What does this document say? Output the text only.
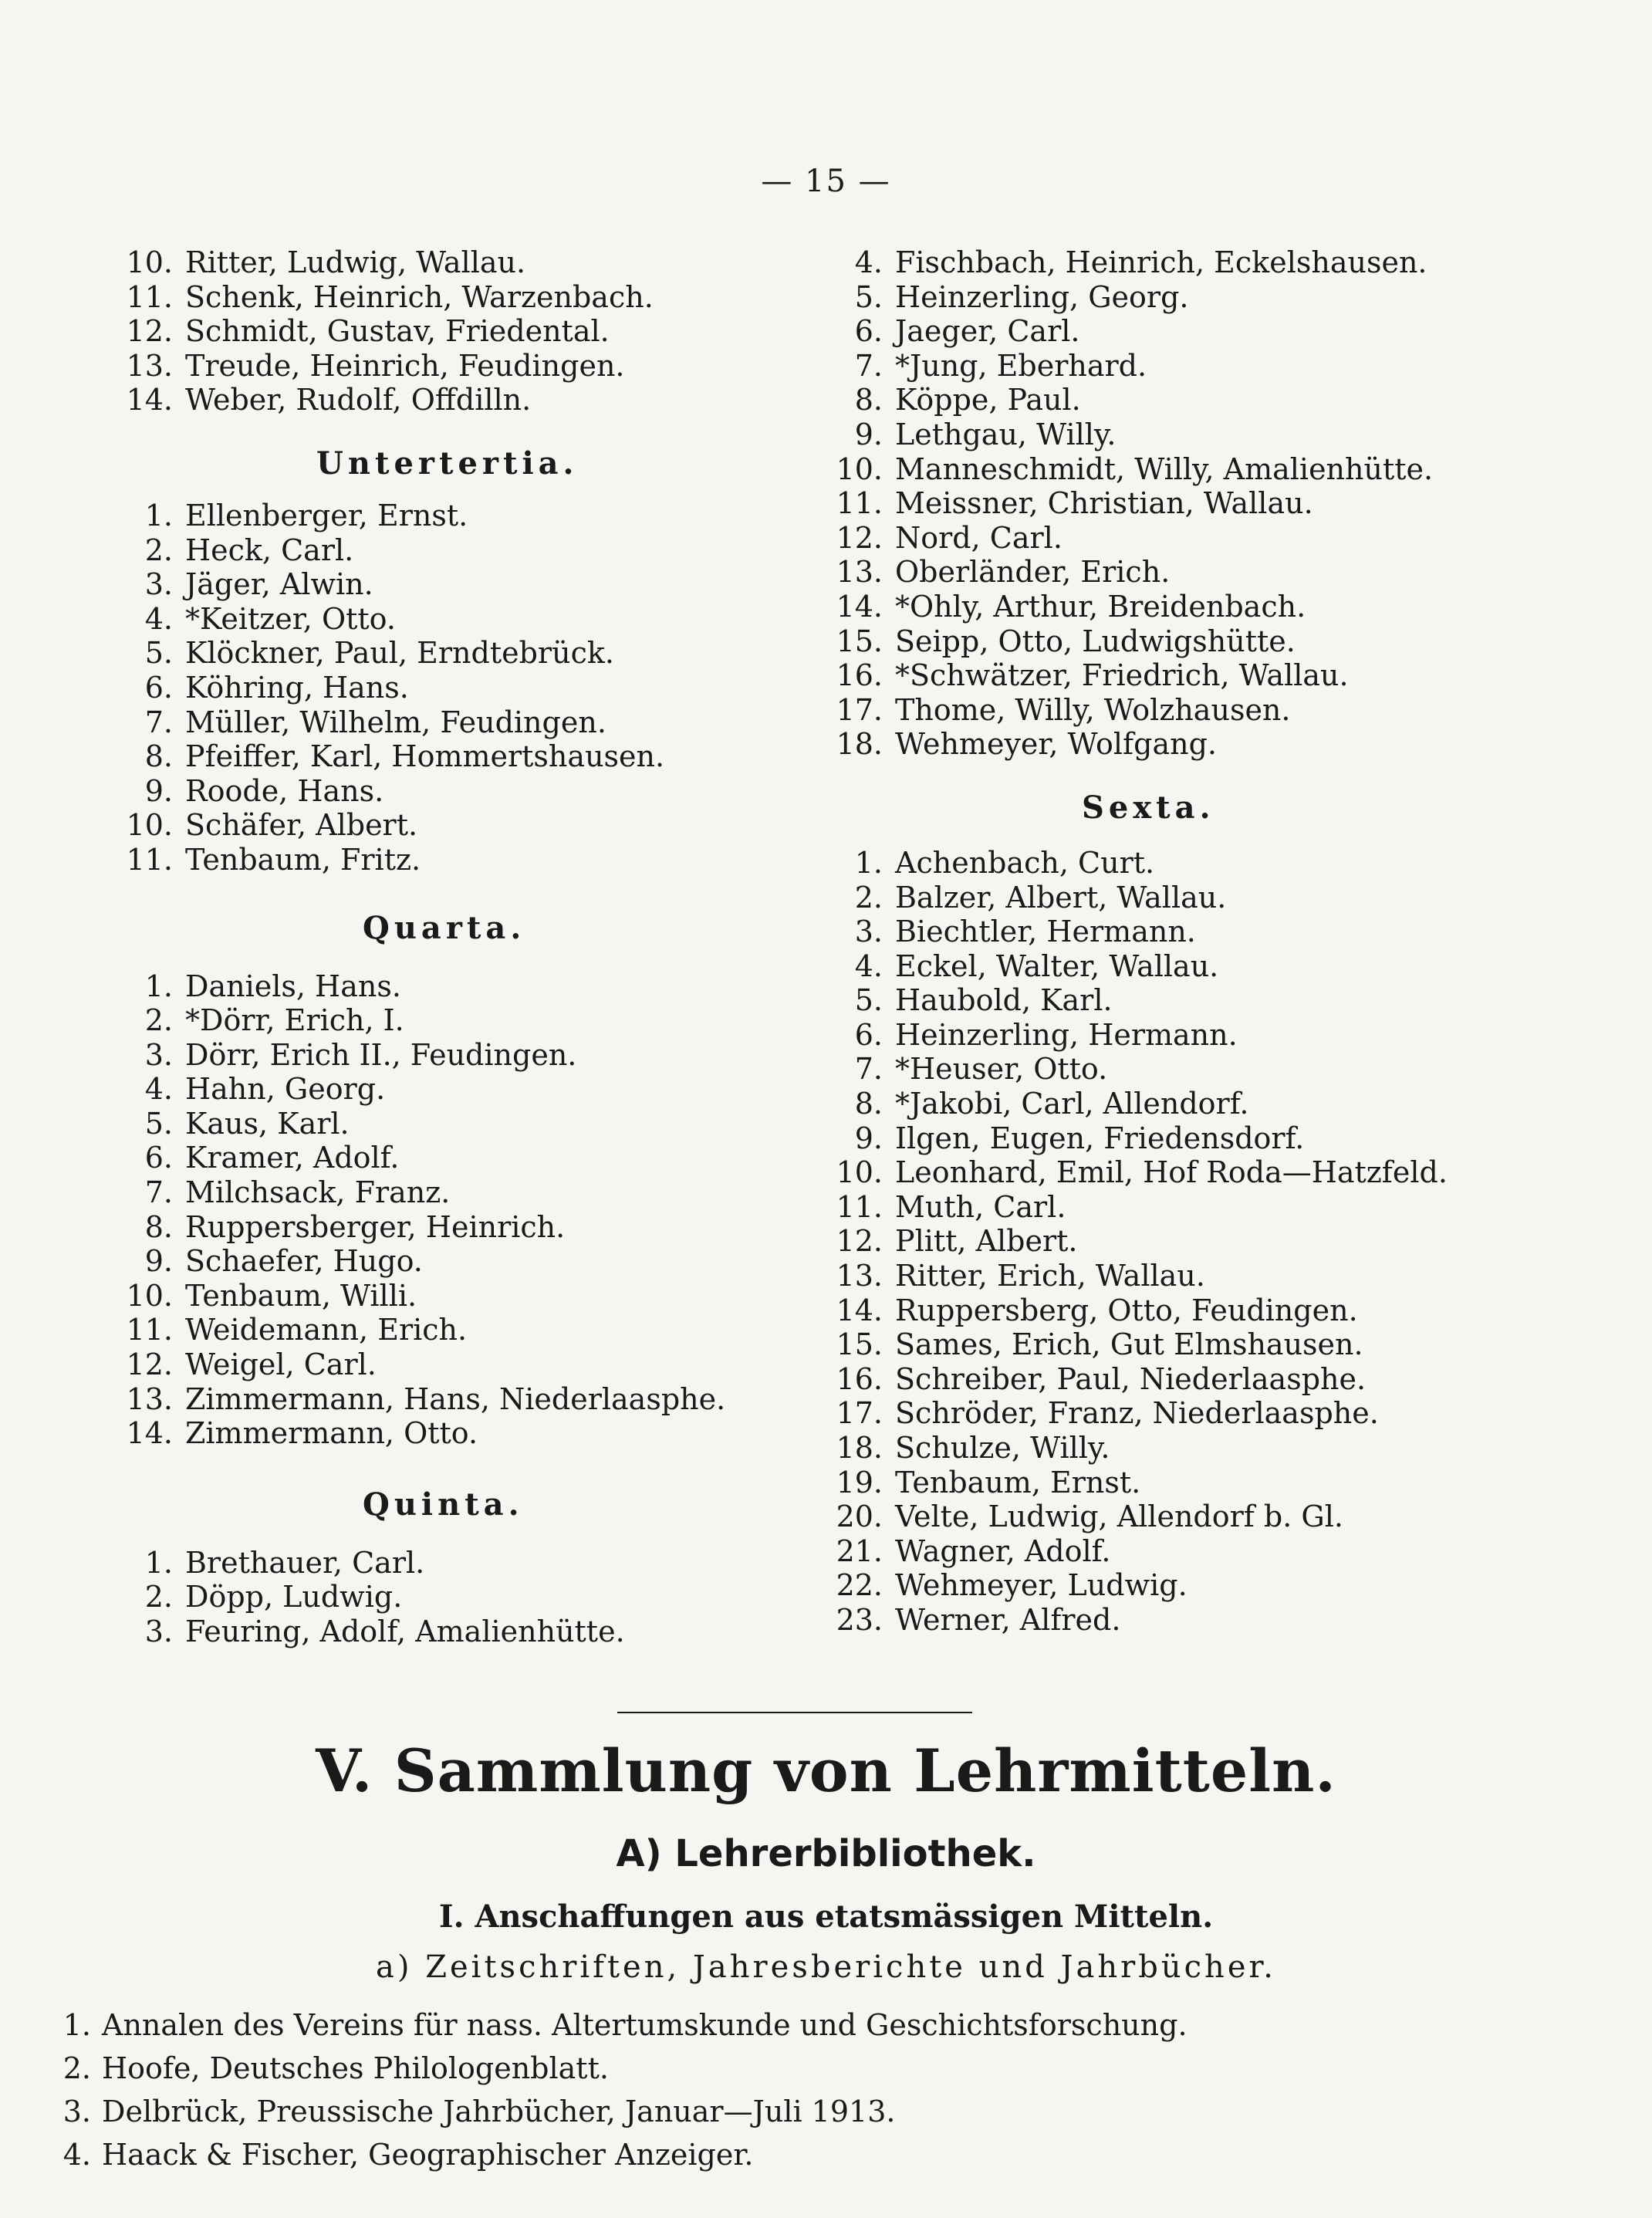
— 15 —
10. Ritter, Ludwig, Wallau.
11. Schenk, Heinrich, Warzenbach.
12. Schmidt, Gustav, Friedental.
13. Treude, Heinrich, Feudingen.
14. Weber, Rudolf, Offdilln.
Untertertia.
1. Ellenberger, Ernst.
2. Heck, Carl.
3. Jäger, Alwin.
4. *Keitzer, Otto.
5. Klöckner, Paul, Erndtebrück.
6. Köhring, Hans.
7. Müller, Wilhelm, Feudingen.
8. Pfeiffer, Karl, Hommertshausen.
9. Roode, Hans.
10. Schäfer, Albert.
11. Tenbaum, Fritz.
Quarta.
1. Daniels, Hans.
2. *Dörr, Erich, I.
3. Dörr, Erich II., Feudingen.
4. Hahn, Georg.
5. Kaus, Karl.
6. Kramer, Adolf.
7. Milchsack, Franz.
8. Ruppersberger, Heinrich.
9. Schaefer, Hugo.
10. Tenbaum, Willi.
11. Weidemann, Erich.
12. Weigel, Carl.
13. Zimmermann, Hans, Niederlaasphe.
14. Zimmermann, Otto.
Quinta.
1. Brethauer, Carl.
2. Döpp, Ludwig.
3. Feuring, Adolf, Amalienhütte.
4. Fischbach, Heinrich, Eckelshausen.
5. Heinzerling, Georg.
6. Jaeger, Carl.
7. *Jung, Eberhard.
8. Köppe, Paul.
9. Lethgau, Willy.
10. Manneschmidt, Willy, Amalienhütte.
11. Meissner, Christian, Wallau.
12. Nord, Carl.
13. Oberländer, Erich.
14. *Ohly, Arthur, Breidenbach.
15. Seipp, Otto, Ludwigshütte.
16. *Schwätzer, Friedrich, Wallau.
17. Thome, Willy, Wolzhausen.
18. Wehmeyer, Wolfgang.
Sexta.
1. Achenbach, Curt.
2. Balzer, Albert, Wallau.
3. Biechtler, Hermann.
4. Eckel, Walter, Wallau.
5. Haubold, Karl.
6. Heinzerling, Hermann.
7. *Heuser, Otto.
8. *Jakobi, Carl, Allendorf.
9. Ilgen, Eugen, Friedensdorf.
10. Leonhard, Emil, Hof Roda—Hatzfeld.
11. Muth, Carl.
12. Plitt, Albert.
13. Ritter, Erich, Wallau.
14. Ruppersberg, Otto, Feudingen.
15. Sames, Erich, Gut Elmshausen.
16. Schreiber, Paul, Niederlaasphe.
17. Schröder, Franz, Niederlaasphe.
18. Schulze, Willy.
19. Tenbaum, Ernst.
20. Velte, Ludwig, Allendorf b. Gl.
21. Wagner, Adolf.
22. Wehmeyer, Ludwig.
23. Werner, Alfred.
V. Sammlung von Lehrmitteln.
A) Lehrerbibliothek.
I. Anschaffungen aus etatsmässigen Mitteln.
a) Zeitschriften, Jahresberichte und Jahrbücher.
1. Annalen des Vereins für nass. Altertumskunde und Geschichtsforschung.
2. Hoofe, Deutsches Philologenblatt.
3. Delbrück, Preussische Jahrbücher, Januar—Juli 1913.
4. Haack & Fischer, Geographischer Anzeiger.
